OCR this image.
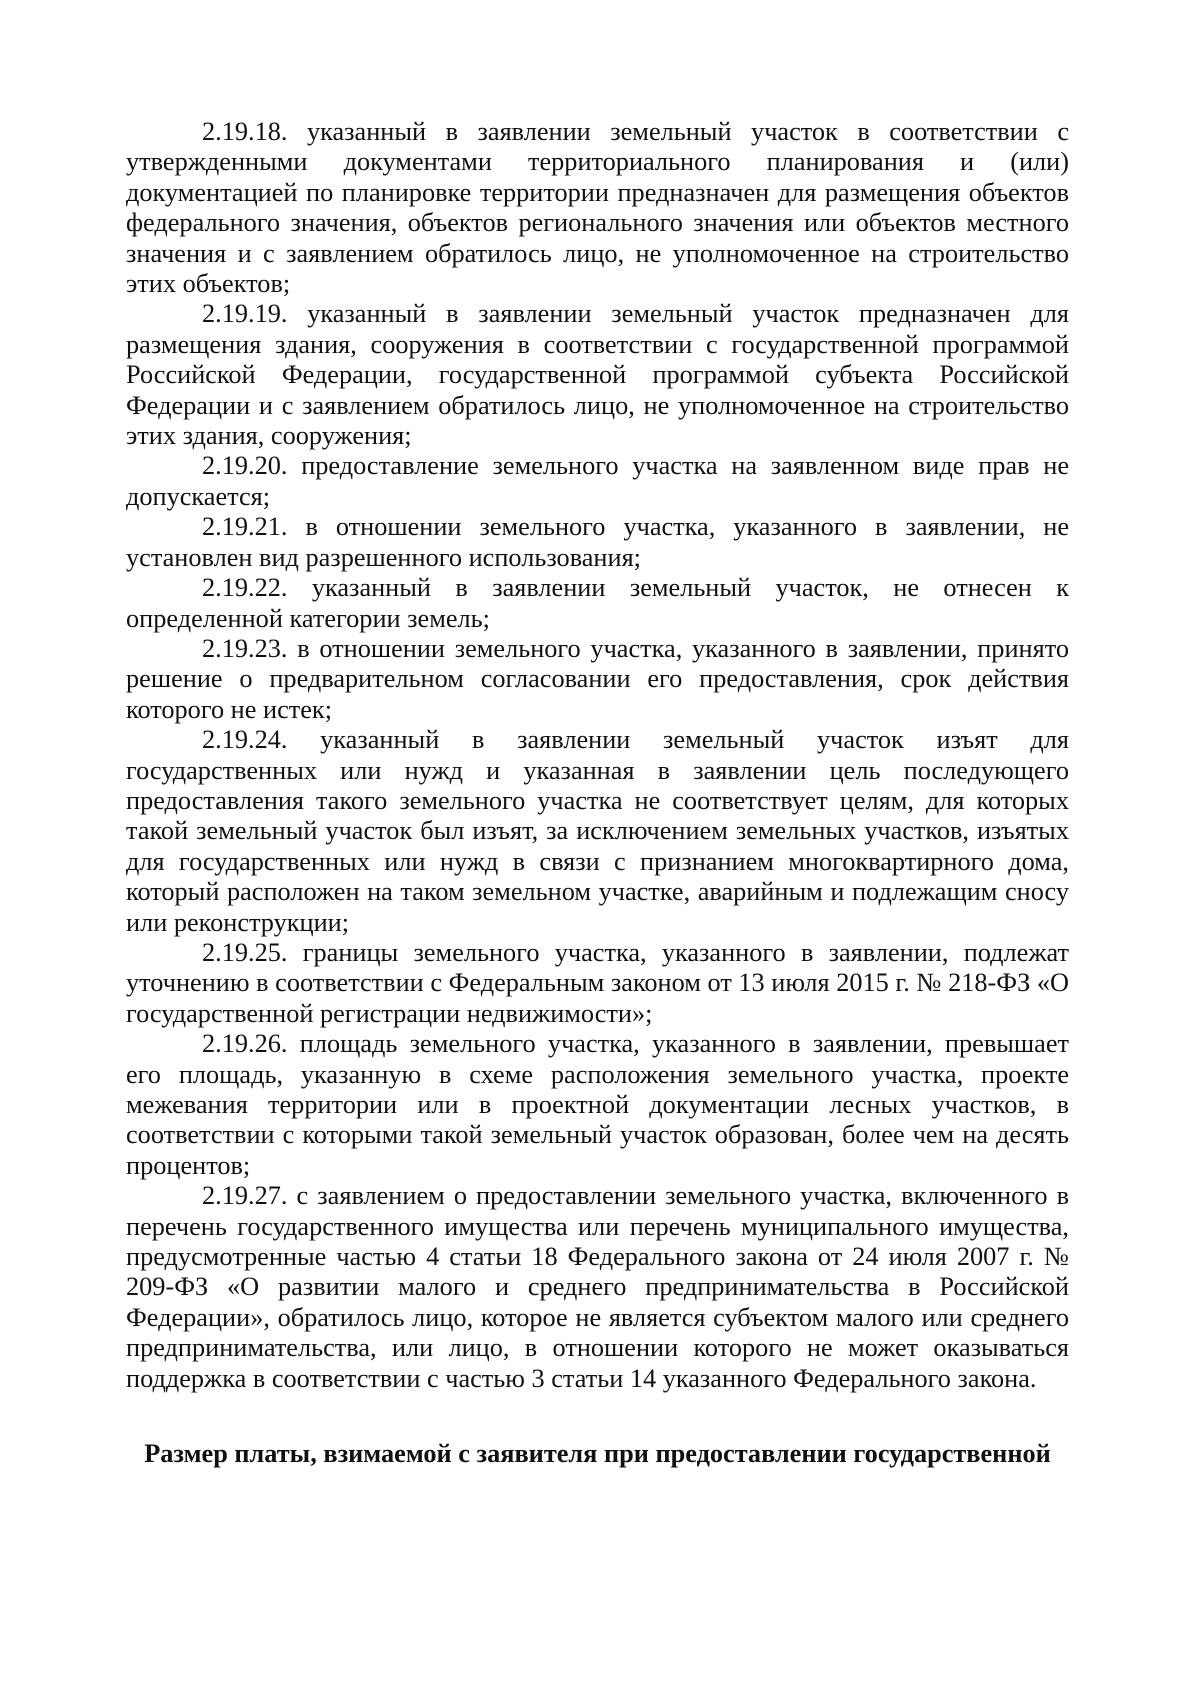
2.19.18. указанный в заявлении земельный участок в соответствии с утвержденными документами территориального планирования и (или) документацией по планировке территории предназначен для размещения объектов федерального значения, объектов регионального значения или объектов местного значения и с заявлением обратилось лицо, не уполномоченное на строительство этих объектов;

2.19.19. указанный в заявлении земельный участок предназначен для размещения здания, сооружения в соответствии с государственной программой Российской Федерации, государственной программой субъекта Российской Федерации и с заявлением обратилось лицо, не уполномоченное на строительство этих здания, сооружения;

2.19.20. предоставление земельного участка на заявленном виде прав не допускается;

2.19.21. в отношении земельного участка, указанного в заявлении, не установлен вид разрешенного использования;

2.19.22. указанный в заявлении земельный участок, не отнесен к определенной категории земель;

2.19.23. в отношении земельного участка, указанного в заявлении, принято решение о предварительном согласовании его предоставления, срок действия которого не истек;

2.19.24. указанный в заявлении земельный участок изъят для государственных или нужд и указанная в заявлении цель последующего предоставления такого земельного участка не соответствует целям, для которых такой земельный участок был изъят, за исключением земельных участков, изъятых для государственных или нужд в связи с признанием многоквартирного дома, который расположен на таком земельном участке, аварийным и подлежащим сносу или реконструкции;

2.19.25. границы земельного участка, указанного в заявлении, подлежат уточнению в соответствии с Федеральным законом от 13 июля 2015 г. № 218-ФЗ «О государственной регистрации недвижимости»;

2.19.26. площадь земельного участка, указанного в заявлении, превышает его площадь, указанную в схеме расположения земельного участка, проекте межевания территории или в проектной документации лесных участков, в соответствии с которыми такой земельный участок образован, более чем на десять процентов;

2.19.27. с заявлением о предоставлении земельного участка, включенного в перечень государственного имущества или перечень муниципального имущества, предусмотренные частью 4 статьи 18 Федерального закона от 24 июля 2007 г. № 209-ФЗ «О развитии малого и среднего предпринимательства в Российской Федерации», обратилось лицо, которое не является субъектом малого или среднего предпринимательства, или лицо, в отношении которого не может оказываться поддержка в соответствии с частью 3 статьи 14 указанного Федерального закона.

Размер платы, взимаемой с заявителя при предоставлении государственной
